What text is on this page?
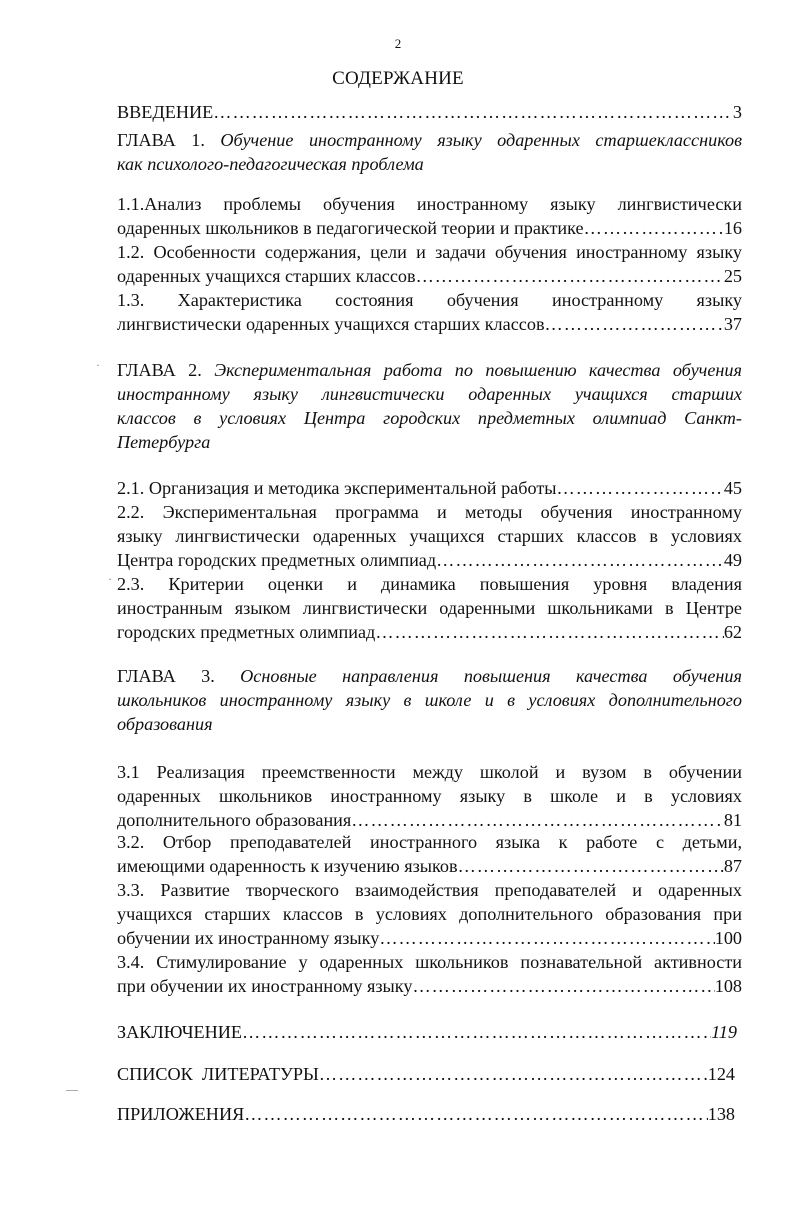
2
СОДЕРЖАНИЕ
·
·
‒‒
ВВЕДЕНИЕ …………………………………………………………………………………………………………………………………………………………	3
ГЛАВА 1. Обучение иностранному языку одаренных старшеклассников
как психолого-педагогическая проблема
1.1.Анализ проблемы обучения иностранному языку лингвистически
одаренных школьников в педагогической теории и практике …………………………………………………………………………………………………………………………………………………………	16
1.2. Особенности содержания, цели и задачи обучения иностранному языку
одаренных учащихся старших классов …………………………………………………………………………………………………………………………………………………………	25
1.3. Характеристика состояния обучения иностранному языку
лингвистически одаренных учащихся старших классов …………………………………………………………………………………………………………………………………………………………	37
ГЛАВА 2. Экспериментальная работа по повышению качества обучения
иностранному языку лингвистически одаренных учащихся старших
классов в условиях Центра городских предметных олимпиад Санкт-
Петербурга
2.1. Организация и методика экспериментальной работы …………………………………………………………………………………………………………………………………………………………	45
2.2. Экспериментальная программа и методы обучения иностранному
языку лингвистически одаренных учащихся старших классов в условиях
Центра городских предметных олимпиад …………………………………………………………………………………………………………………………………………………………	49
2.3. Критерии оценки и динамика повышения уровня владения
иностранным языком лингвистически одаренными школьниками в Центре
городских предметных олимпиад …………………………………………………………………………………………………………………………………………………………	62
ГЛАВА 3. Основные направления повышения качества обучения
школьников иностранному языку в школе и в условиях дополнительного
образования
3.1 Реализация преемственности между школой и вузом в обучении
одаренных школьников иностранному языку в школе и в условиях
дополнительного образования …………………………………………………………………………………………………………………………………………………………	81
3.2. Отбор преподавателей иностранного языка к работе с детьми,
имеющими одаренность к изучению языков …………………………………………………………………………………………………………………………………………………………	87
3.3. Развитие творческого взаимодействия преподавателей и одаренных
учащихся старших классов в условиях дополнительного образования при
обучении их иностранному языку …………………………………………………………………………………………………………………………………………………………	100
3.4. Стимулирование у одаренных школьников познавательной активности
при обучении их иностранному языку …………………………………………………………………………………………………………………………………………………………	108
ЗАКЛЮЧЕНИЕ …………………………………………………………………………………………………………………………………………………………	119
СПИСОК  ЛИТЕРАТУРЫ …………………………………………………………………………………………………………………………………………………………	124
ПРИЛОЖЕНИЯ …………………………………………………………………………………………………………………………………………………………	138
